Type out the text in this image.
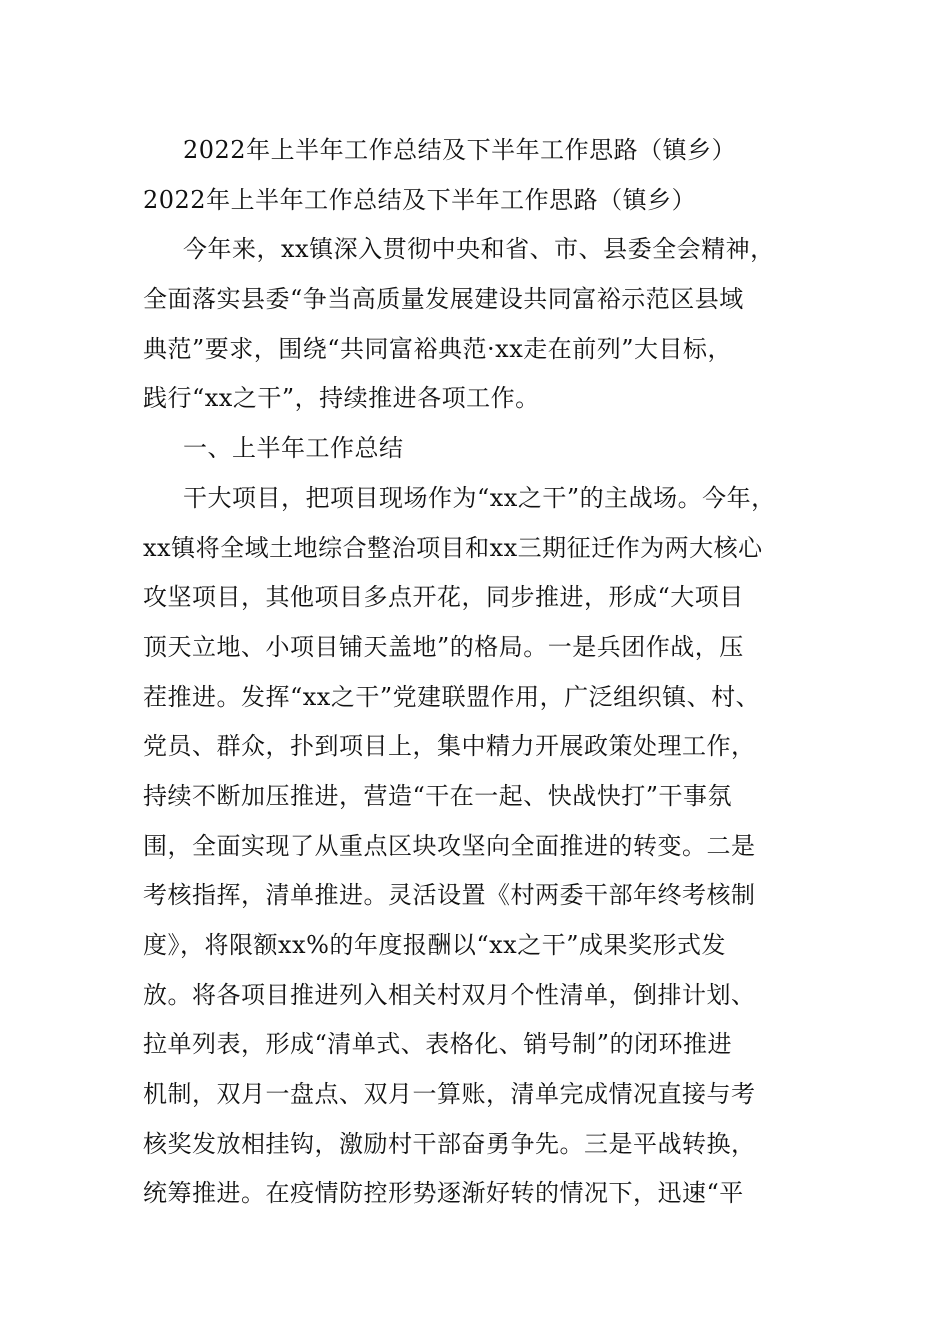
2022年上半年工作总结及下半年工作思路（镇乡）
2022年上半年工作总结及下半年工作思路（镇乡）
今年来，xx镇深入贯彻中央和省、市、县委全会精神，
全面落实县委“争当高质量发展建设共同富裕示范区县域
典范”要求，围绕“共同富裕典范·xx走在前列”大目标，
践行“xx之干”，持续推进各项工作。
一、上半年工作总结
干大项目，把项目现场作为“xx之干”的主战场。今年，
xx镇将全域土地综合整治项目和xx三期征迁作为两大核心
攻坚项目，其他项目多点开花，同步推进，形成“大项目
顶天立地、小项目铺天盖地”的格局。一是兵团作战，压
茬推进。发挥“xx之干”党建联盟作用，广泛组织镇、村、
党员、群众，扑到项目上，集中精力开展政策处理工作，
持续不断加压推进，营造“干在一起、快战快打”干事氛
围，全面实现了从重点区块攻坚向全面推进的转变。二是
考核指挥，清单推进。灵活设置《村两委干部年终考核制
度》，将限额xx%的年度报酬以“xx之干”成果奖形式发
放。将各项目推进列入相关村双月个性清单，倒排计划、
拉单列表，形成“清单式、表格化、销号制”的闭环推进
机制，双月一盘点、双月一算账，清单完成情况直接与考
核奖发放相挂钩，激励村干部奋勇争先。三是平战转换，
统筹推进。在疫情防控形势逐渐好转的情况下，迅速“平
